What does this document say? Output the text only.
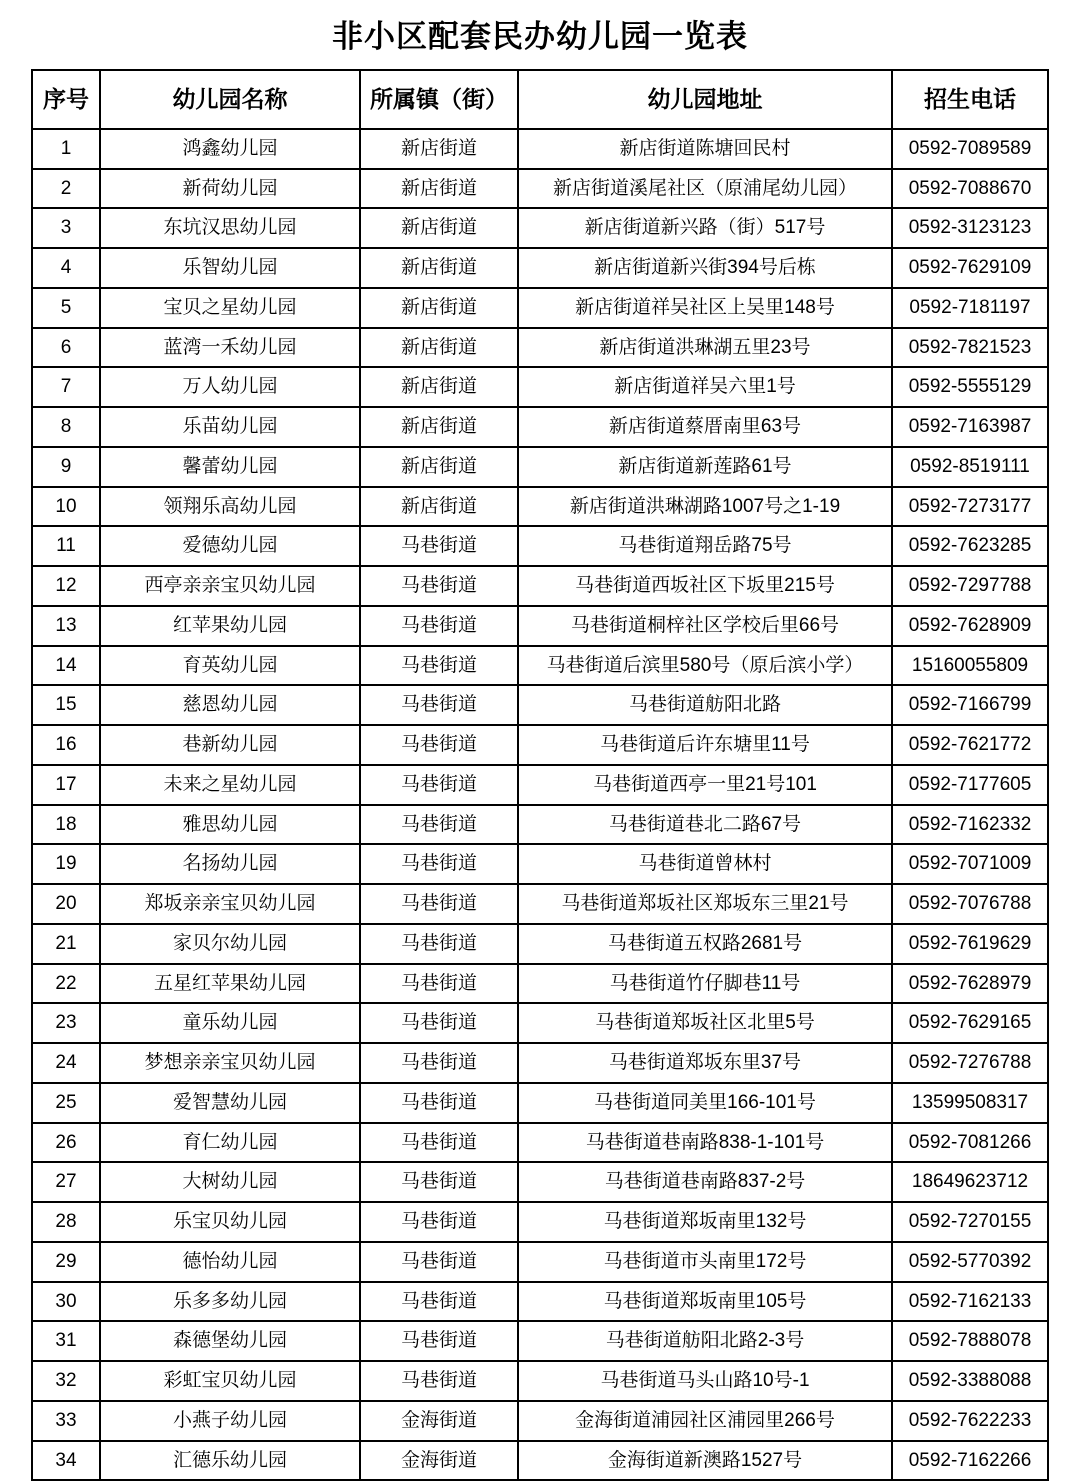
非小区配套民办幼儿园一览表
序号	幼儿园名称	所属镇（街）	幼儿园地址	招生电话
1	鸿鑫幼儿园	新店街道	新店街道陈塘回民村	0592-7089589
2	新荷幼儿园	新店街道	新店街道溪尾社区（原浦尾幼儿园）	0592-7088670
3	东坑汉思幼儿园	新店街道	新店街道新兴路（街）517号	0592-3123123
4	乐智幼儿园	新店街道	新店街道新兴街394号后栋	0592-7629109
5	宝贝之星幼儿园	新店街道	新店街道祥吴社区上吴里148号	0592-7181197
6	蓝湾一禾幼儿园	新店街道	新店街道洪琳湖五里23号	0592-7821523
7	万人幼儿园	新店街道	新店街道祥吴六里1号	0592-5555129
8	乐苗幼儿园	新店街道	新店街道蔡厝南里63号	0592-7163987
9	馨蕾幼儿园	新店街道	新店街道新莲路61号	0592-8519111
10	领翔乐高幼儿园	新店街道	新店街道洪琳湖路1007号之1-19	0592-7273177
11	爱德幼儿园	马巷街道	马巷街道翔岳路75号	0592-7623285
12	西亭亲亲宝贝幼儿园	马巷街道	马巷街道西坂社区下坂里215号	0592-7297788
13	红苹果幼儿园	马巷街道	马巷街道桐梓社区学校后里66号	0592-7628909
14	育英幼儿园	马巷街道	马巷街道后滨里580号（原后滨小学）	15160055809
15	慈恩幼儿园	马巷街道	马巷街道舫阳北路	0592-7166799
16	巷新幼儿园	马巷街道	马巷街道后许东塘里11号	0592-7621772
17	未来之星幼儿园	马巷街道	马巷街道西亭一里21号101	0592-7177605
18	雅思幼儿园	马巷街道	马巷街道巷北二路67号	0592-7162332
19	名扬幼儿园	马巷街道	马巷街道曾林村	0592-7071009
20	郑坂亲亲宝贝幼儿园	马巷街道	马巷街道郑坂社区郑坂东三里21号	0592-7076788
21	家贝尔幼儿园	马巷街道	马巷街道五权路2681号	0592-7619629
22	五星红苹果幼儿园	马巷街道	马巷街道竹仔脚巷11号	0592-7628979
23	童乐幼儿园	马巷街道	马巷街道郑坂社区北里5号	0592-7629165
24	梦想亲亲宝贝幼儿园	马巷街道	马巷街道郑坂东里37号	0592-7276788
25	爱智慧幼儿园	马巷街道	马巷街道同美里166-101号	13599508317
26	育仁幼儿园	马巷街道	马巷街道巷南路838-1-101号	0592-7081266
27	大树幼儿园	马巷街道	马巷街道巷南路837-2号	18649623712
28	乐宝贝幼儿园	马巷街道	马巷街道郑坂南里132号	0592-7270155
29	德怡幼儿园	马巷街道	马巷街道市头南里172号	0592-5770392
30	乐多多幼儿园	马巷街道	马巷街道郑坂南里105号	0592-7162133
31	森德堡幼儿园	马巷街道	马巷街道舫阳北路2-3号	0592-7888078
32	彩虹宝贝幼儿园	马巷街道	马巷街道马头山路10号-1	0592-3388088
33	小燕子幼儿园	金海街道	金海街道浦园社区浦园里266号	0592-7622233
34	汇德乐幼儿园	金海街道	金海街道新澳路1527号	0592-7162266
